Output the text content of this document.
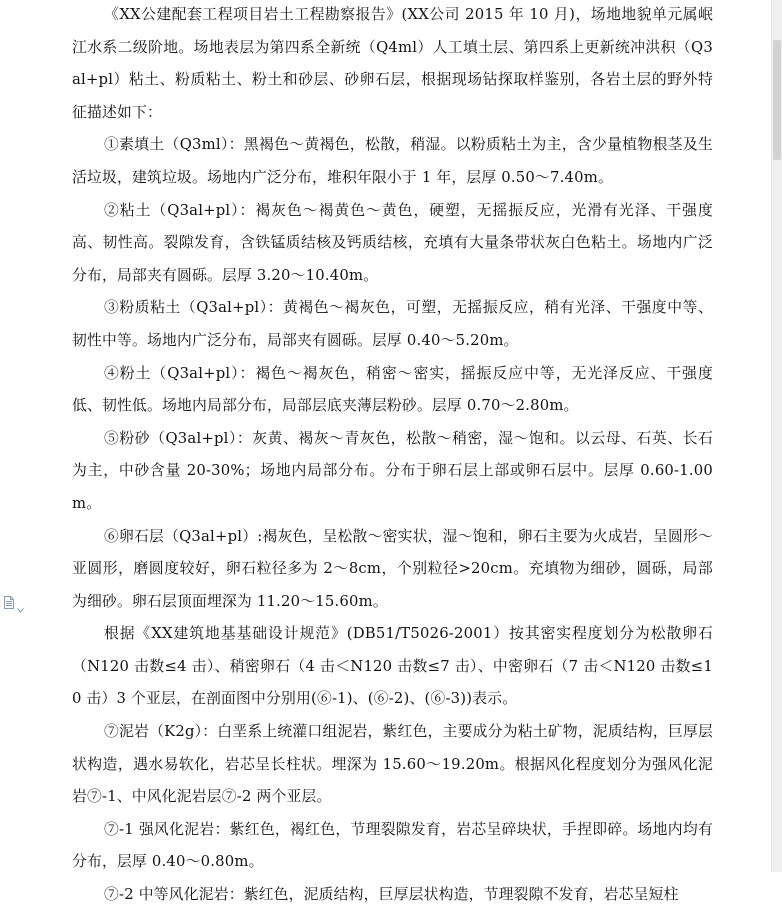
《XX公建配套工程项目岩土工程勘察报告》(XX公司 2015 年 10 月)，场地地貌单元属岷江水系二级阶地。场地表层为第四系全新统（Q4ml）人工填土层、第四系上更新统冲洪积（Q3al+pl）粘土、粉质粘土、粉土和砂层、砂卵石层，根据现场钻探取样鉴别，各岩土层的野外特征描述如下：

①素填土（Q3ml）：黑褐色～黄褐色，松散，稍湿。以粉质粘土为主，含少量植物根茎及生活垃圾，建筑垃圾。场地内广泛分布，堆积年限小于 1 年，层厚 0.50～7.40m。

②粘土（Q3al+pl）：褐灰色～褐黄色～黄色，硬塑，无摇振反应，光滑有光泽、干强度高、韧性高。裂隙发育，含铁锰质结核及钙质结核，充填有大量条带状灰白色粘土。场地内广泛分布，局部夹有圆砾。层厚 3.20～10.40m。

③粉质粘土（Q3al+pl）：黄褐色～褐灰色，可塑，无摇振反应，稍有光泽、干强度中等、韧性中等。场地内广泛分布，局部夹有圆砾。层厚 0.40～5.20m。

④粉土（Q3al+pl）：褐色～褐灰色，稍密～密实，摇振反应中等，无光泽反应、干强度低、韧性低。场地内局部分布，局部层底夹薄层粉砂。层厚 0.70～2.80m。

⑤粉砂（Q3al+pl）：灰黄、褐灰～青灰色，松散～稍密，湿～饱和。以云母、石英、长石为主，中砂含量 20-30%；场地内局部分布。分布于卵石层上部或卵石层中。层厚 0.60-1.00m。

⑥卵石层（Q3al+pl）:褐灰色，呈松散～密实状，湿～饱和，卵石主要为火成岩，呈圆形～亚圆形，磨圆度较好，卵石粒径多为 2～8cm，个别粒径>20cm。充填物为细砂，圆砾，局部为细砂。卵石层顶面埋深为 11.20～15.60m。

根据《XX建筑地基基础设计规范》(DB51/T5026-2001）按其密实程度划分为松散卵石（N120 击数≤4 击）、稍密卵石（4 击＜N120 击数≤7 击）、中密卵石（7 击＜N120 击数≤10 击）3 个亚层，在剖面图中分别用(⑥-1)、(⑥-2)、(⑥-3))表示。

⑦泥岩（K2g）：白垩系上统灌口组泥岩，紫红色，主要成分为粘土矿物，泥质结构，巨厚层状构造，遇水易软化，岩芯呈长柱状。埋深为 15.60～19.20m。根据风化程度划分为强风化泥岩⑦-1、中风化泥岩层⑦-2 两个亚层。

⑦-1 强风化泥岩：紫红色，褐红色，节理裂隙发育，岩芯呈碎块状，手捏即碎。场地内均有分布，层厚 0.40～0.80m。

⑦-2 中等风化泥岩：紫红色，泥质结构，巨厚层状构造，节理裂隙不发育，岩芯呈短柱
